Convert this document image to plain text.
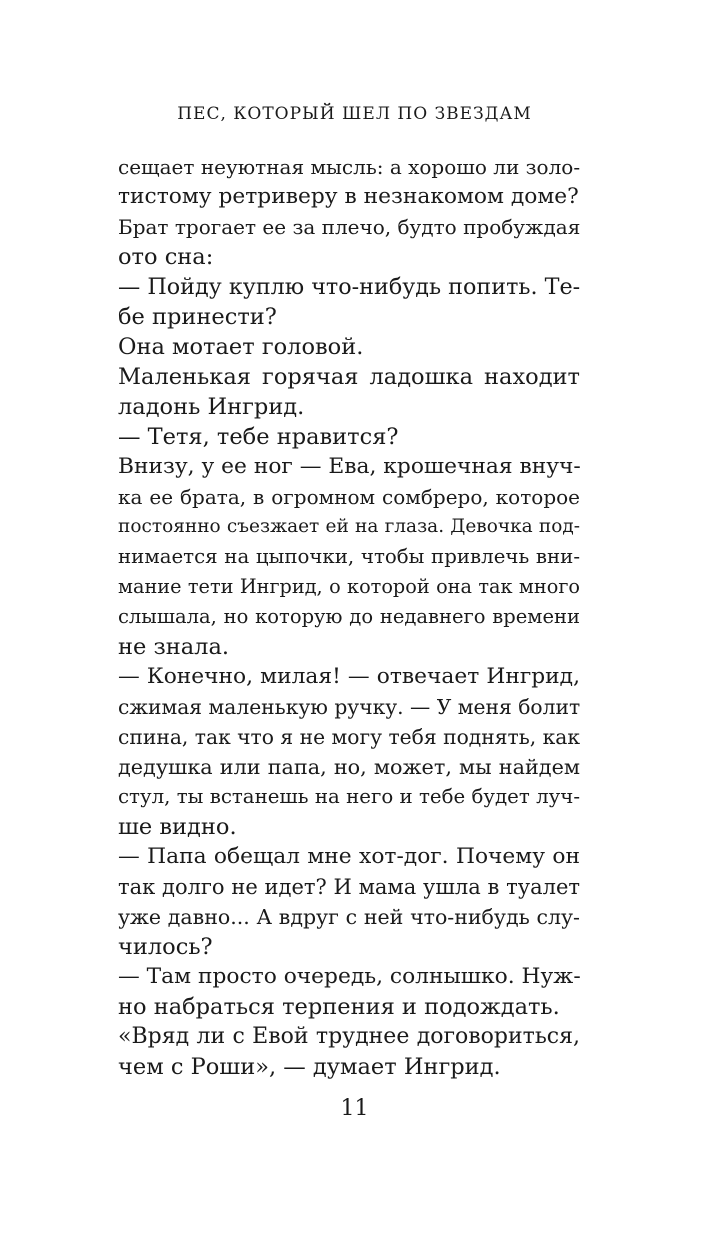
ПЕС, КОТОРЫЙ ШЕЛ ПО ЗВЕЗДАМ
сещает неуютная мысль: а хорошо ли золо-
тистому ретриверу в незнакомом доме?
Брат трогает ее за плечо, будто пробуждая
ото сна:
— Пойду куплю что-нибудь попить. Те-
бе принести?
Она мотает головой.
Маленькая горячая ладошка находит
ладонь Ингрид.
— Тетя, тебе нравится?
Внизу, у ее ног — Ева, крошечная внуч-
ка ее брата, в огромном сомбреро, которое
постоянно съезжает ей на глаза. Девочка под-
нимается на цыпочки, чтобы привлечь вни-
мание тети Ингрид, о которой она так много
слышала, но которую до недавнего времени
не знала.
— Конечно, милая! — отвечает Ингрид,
сжимая маленькую ручку. — У меня болит
спина, так что я не могу тебя поднять, как
дедушка или папа, но, может, мы найдем
стул, ты встанешь на него и тебе будет луч-
ше видно.
— Папа обещал мне хот-дог. Почему он
так долго не идет? И мама ушла в туалет
уже давно... А вдруг с ней что-нибудь слу-
чилось?
— Там просто очередь, солнышко. Нуж-
но набраться терпения и подождать.
«Вряд ли с Евой труднее договориться,
чем с Роши», — думает Ингрид.
11
